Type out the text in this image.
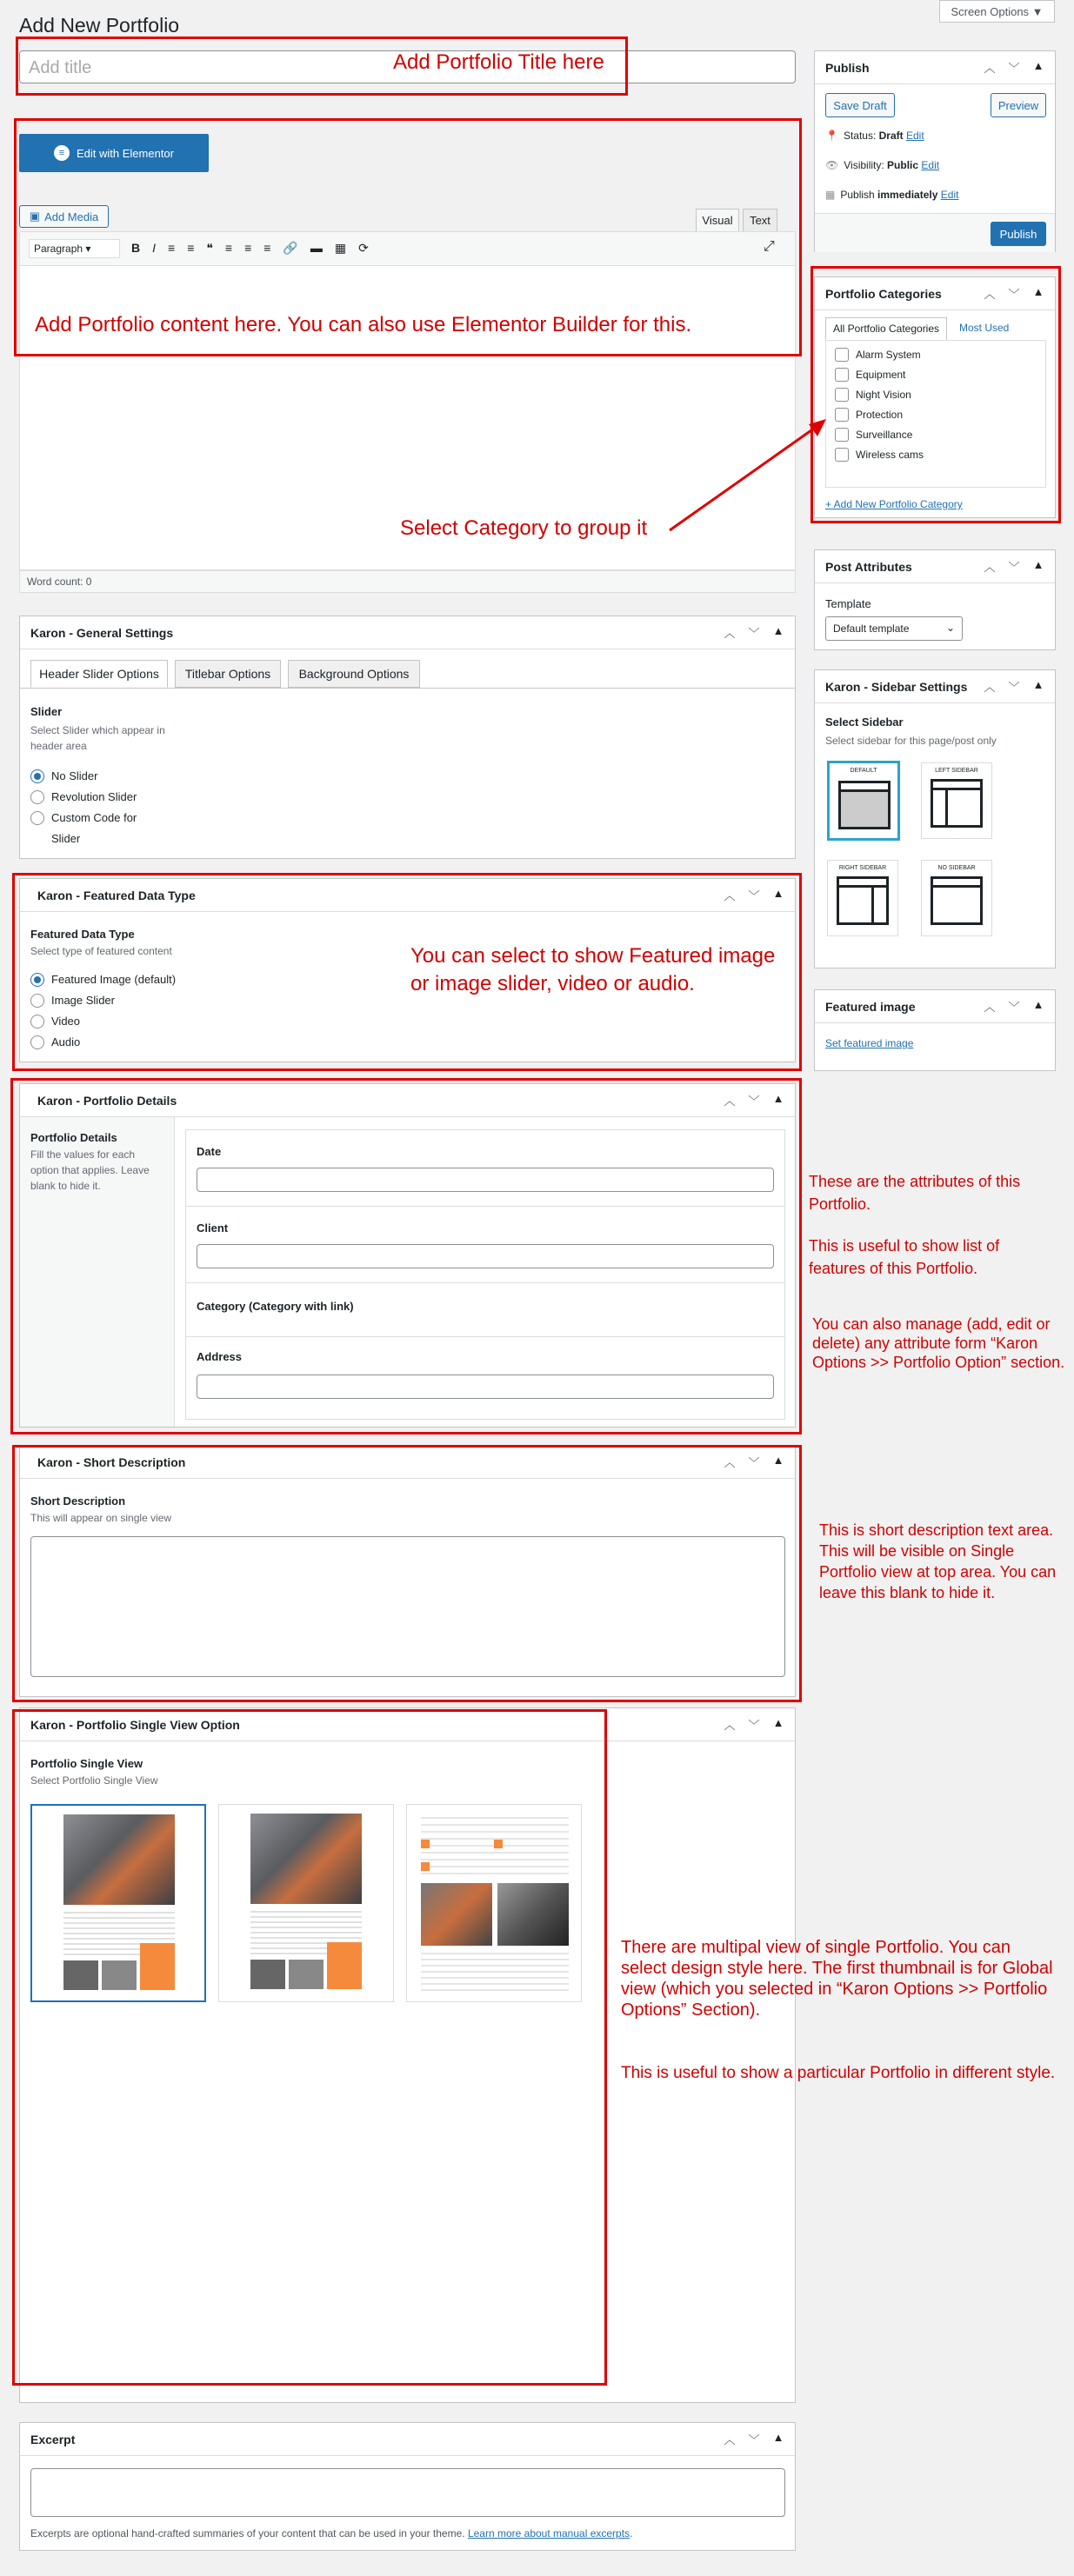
Add New Portfolio
Screen Options ▼
Add title
≡	Edit with Elementor
▣ Add Media	Visual	Text
Paragraph ▾	B I ≡ ≡ ❝ ≡ ≡ ≡ 🔗 ▬ ▦ ⟳	⤢
Word count: 0
Karon - General Settings	︿ ﹀ ▲
Header Slider Options	Titlebar Options	Background Options
Slider
Select Slider which appear in header area
No Slider
Revolution Slider
Custom Code for Slider
Karon - Featured Data Type	︿ ﹀ ▲
Featured Data Type
Select type of featured content
Featured Image (default)
Image Slider
Video
Audio
Karon - Portfolio Details	︿ ﹀ ▲
Portfolio Details
Fill the values for each option that applies. Leave blank to hide it.
Date
Client
Category (Category with link)
Address
Karon - Short Description	︿ ﹀ ▲
Short Description
This will appear on single view
Karon - Portfolio Single View Option	︿ ﹀ ▲
Portfolio Single View
Select Portfolio Single View
Excerpt	︿ ﹀ ▲
Excerpts are optional hand-crafted summaries of your content that can be used in your theme. Learn more about manual excerpts.
Publish	︿ ﹀ ▲
Save Draft	Preview
📍 Status: Draft Edit
👁 Visibility: Public Edit
▦ Publish immediately Edit
Publish
Portfolio Categories	︿ ﹀ ▲
All Portfolio Categories	Most Used
Alarm System
Equipment
Night Vision
Protection
Surveillance
Wireless cams
+ Add New Portfolio Category
Post Attributes	︿ ﹀ ▲
Template
Default template	⌄
Karon - Sidebar Settings ︿ ﹀ ▲
Select Sidebar
Select sidebar for this page/post only
DEFAULT	LEFT SIDEBAR
RIGHT SIDEBAR	NO SIDEBAR
Featured image	︿ ﹀ ▲
Set featured image
Add Portfolio Title here
Add Portfolio content here. You can also use Elementor Builder for this.
Select Category to group it
You can select to show Featured image or image slider, video or audio.
These are the attributes of this Portfolio.
This is useful to show list of features of this Portfolio.
You can also manage (add, edit or delete) any attribute form “Karon Options >> Portfolio Option” section.
This is short description text area. This will be visible on Single Portfolio view at top area. You can leave this blank to hide it.
There are multipal view of single Portfolio. You can select design style here. The first thumbnail is for Global view (which you selected in “Karon Options >> Portfolio Options” Section).
This is useful to show a particular Portfolio in different style.
